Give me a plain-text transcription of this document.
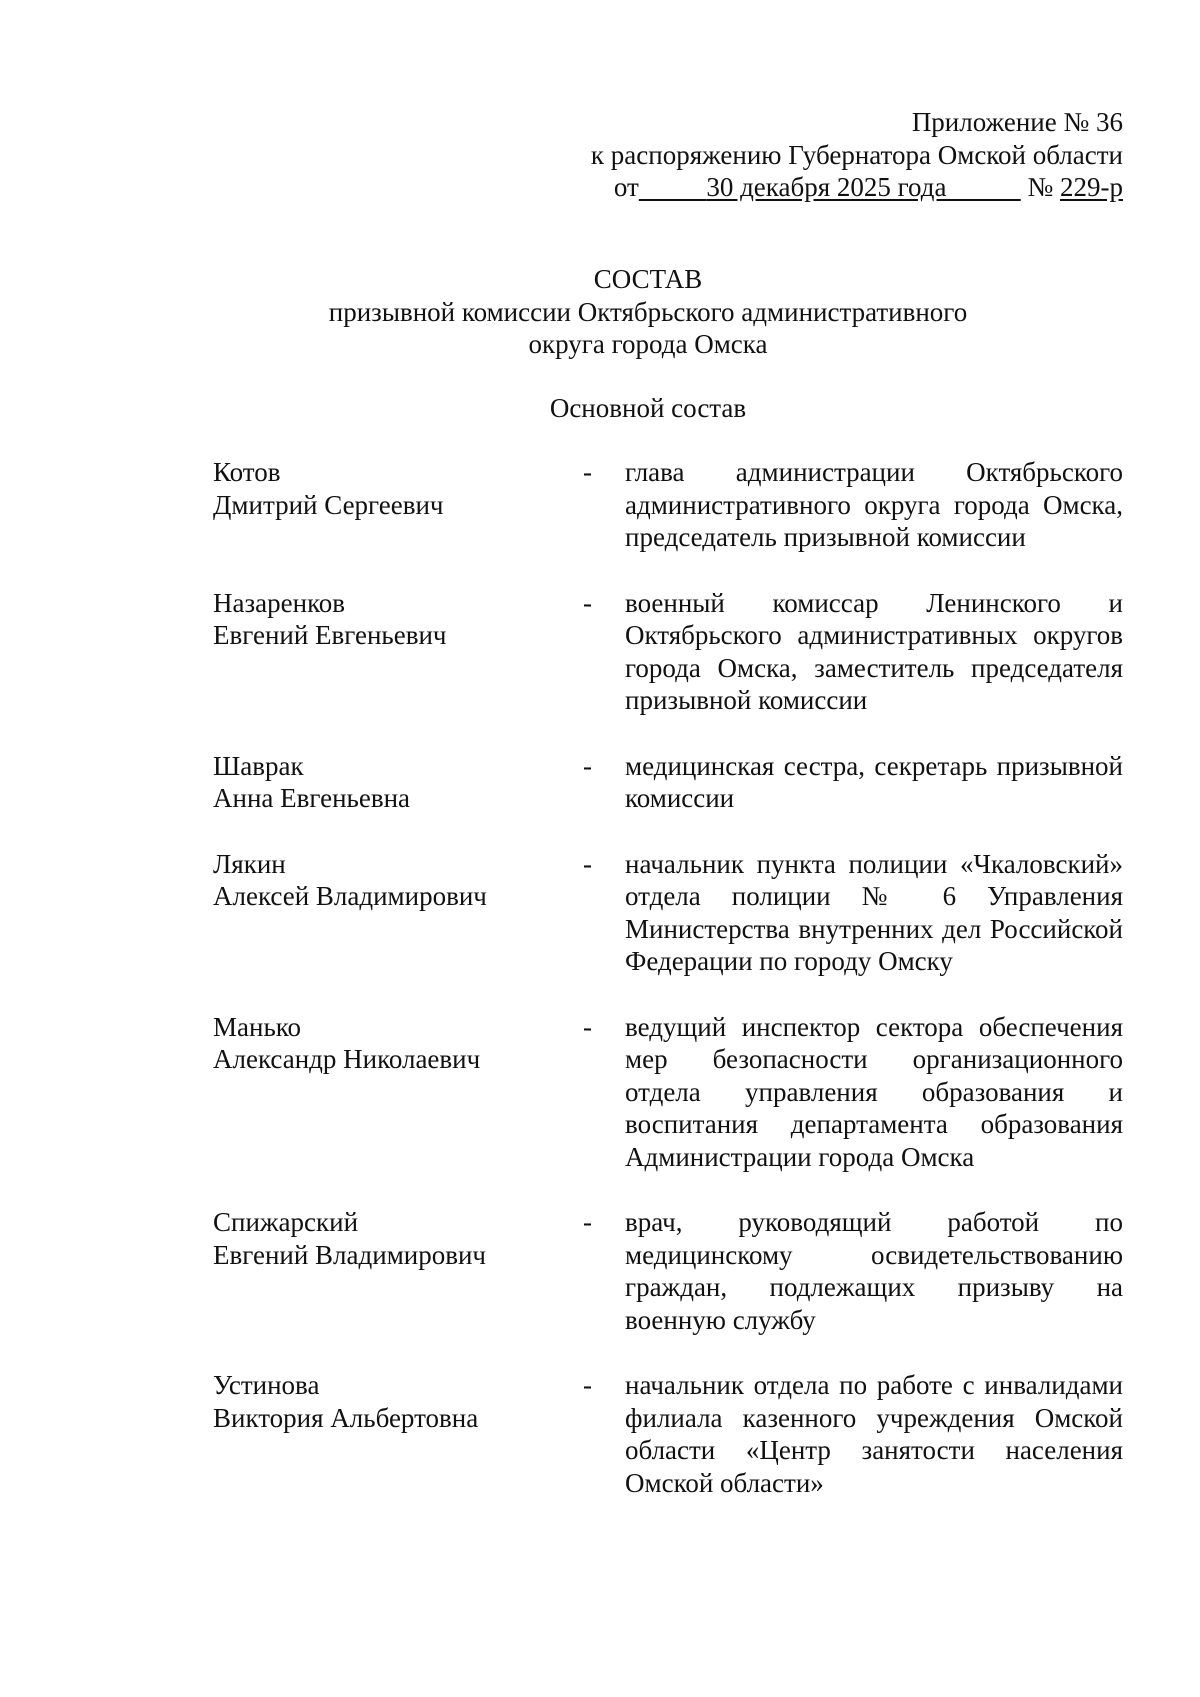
Приложение № 36
к распоряжению Губернатора Омской области
от	30 декабря 2025 года
	№ 229-р
СОСТАВ
призывной комиссии Октябрьского административного
округа города Омска
Основной состав
Котов
Дмитрий Сергеевич
-	глава администрации Октябрьского административного округа города Омска, председатель призывной комиссии
Назаренков
Евгений Евгеньевич
-	военный комиссар Ленинского и Октябрьского административных округов города Омска, заместитель председателя призывной комиссии
Шаврак
Анна Евгеньевна
-	медицинская сестра, секретарь призывной комиссии
Лякин
Алексей Владимирович
-	начальник пункта полиции «Чкаловский» отдела полиции № 6 Управления Министерства внутренних дел Российской Федерации по городу Омску
Манько
Александр Николаевич
-	ведущий инспектор сектора обеспечения мер безопасности организационного отдела управления образования и воспитания департамента образования Администрации города Омска
Спижарский
Евгений Владимирович
-	врач, руководящий работой по медицинскому освидетельствованию граждан, подлежащих призыву на военную службу
Устинова
Виктория Альбертовна
-	начальник отдела по работе с инвалидами филиала казенного учреждения Омской области «Центр занятости населения Омской области»
